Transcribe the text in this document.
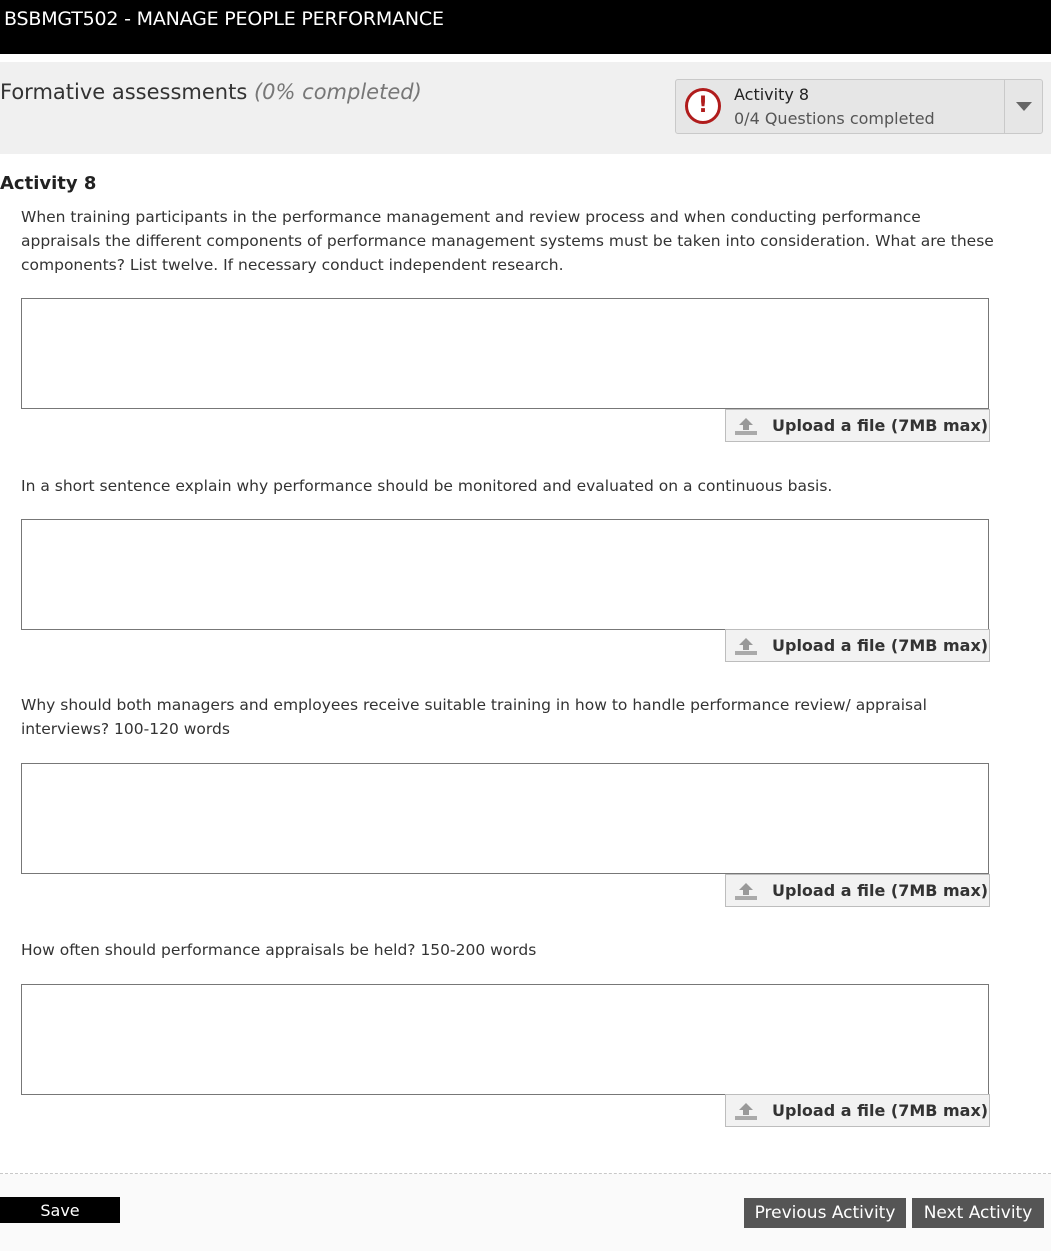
BSBMGT502 - MANAGE PEOPLE PERFORMANCE
Formative assessments (0% completed)
!	Activity 8
0/4 Questions completed
Activity 8
When training participants in the performance management and review process and when conducting performance appraisals the different components of performance management systems must be taken into consideration. What are these components? List twelve. If necessary conduct independent research.
Upload a file (7MB max)
In a short sentence explain why performance should be monitored and evaluated on a continuous basis.
Upload a file (7MB max)
Why should both managers and employees receive suitable training in how to handle performance review/ appraisal interviews? 100-120 words
Upload a file (7MB max)
How often should performance appraisals be held? 150-200 words
Upload a file (7MB max)
Save	Previous Activity	Next Activity
